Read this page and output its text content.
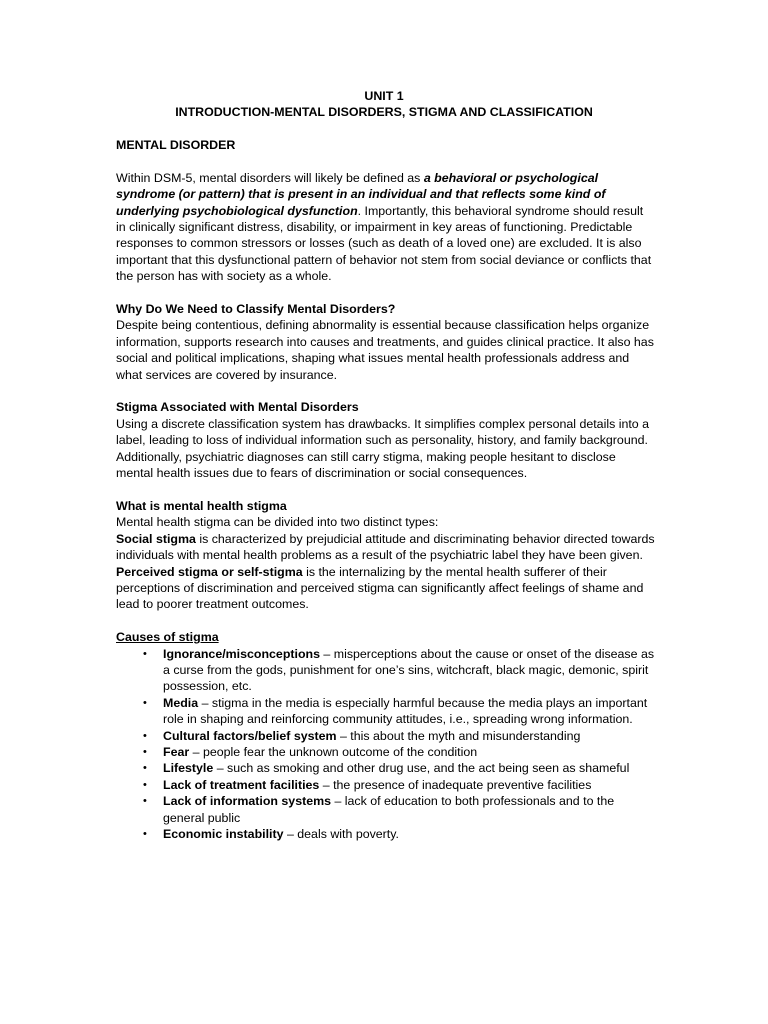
UNIT 1

INTRODUCTION-MENTAL DISORDERS, STIGMA AND CLASSIFICATION

MENTAL DISORDER

Within DSM-5, mental disorders will likely be defined as a behavioral or psychological syndrome (or pattern) that is present in an individual and that reflects some kind of underlying psychobiological dysfunction. Importantly, this behavioral syndrome should result in clinically significant distress, disability, or impairment in key areas of functioning. Predictable responses to common stressors or losses (such as death of a loved one) are excluded. It is also important that this dysfunctional pattern of behavior not stem from social deviance or conflicts that the person has with society as a whole.

Why Do We Need to Classify Mental Disorders?

Despite being contentious, defining abnormality is essential because classification helps organize information, supports research into causes and treatments, and guides clinical practice. It also has social and political implications, shaping what issues mental health professionals address and what services are covered by insurance.

Stigma Associated with Mental Disorders

Using a discrete classification system has drawbacks. It simplifies complex personal details into a label, leading to loss of individual information such as personality, history, and family background. Additionally, psychiatric diagnoses can still carry stigma, making people hesitant to disclose mental health issues due to fears of discrimination or social consequences.

What is mental health stigma

Mental health stigma can be divided into two distinct types:

Social stigma is characterized by prejudicial attitude and discriminating behavior directed towards individuals with mental health problems as a result of the psychiatric label they have been given.

Perceived stigma or self-stigma is the internalizing by the mental health sufferer of their perceptions of discrimination and perceived stigma can significantly affect feelings of shame and lead to poorer treatment outcomes.

Causes of stigma

• Ignorance/misconceptions – misperceptions about the cause or onset of the disease as a curse from the gods, punishment for one’s sins, witchcraft, black magic, demonic, spirit possession, etc.
• Media – stigma in the media is especially harmful because the media plays an important role in shaping and reinforcing community attitudes, i.e., spreading wrong information.
• Cultural factors/belief system – this about the myth and misunderstanding
• Fear – people fear the unknown outcome of the condition
• Lifestyle – such as smoking and other drug use, and the act being seen as shameful
• Lack of treatment facilities – the presence of inadequate preventive facilities
• Lack of information systems – lack of education to both professionals and to the general public
• Economic instability – deals with poverty.
